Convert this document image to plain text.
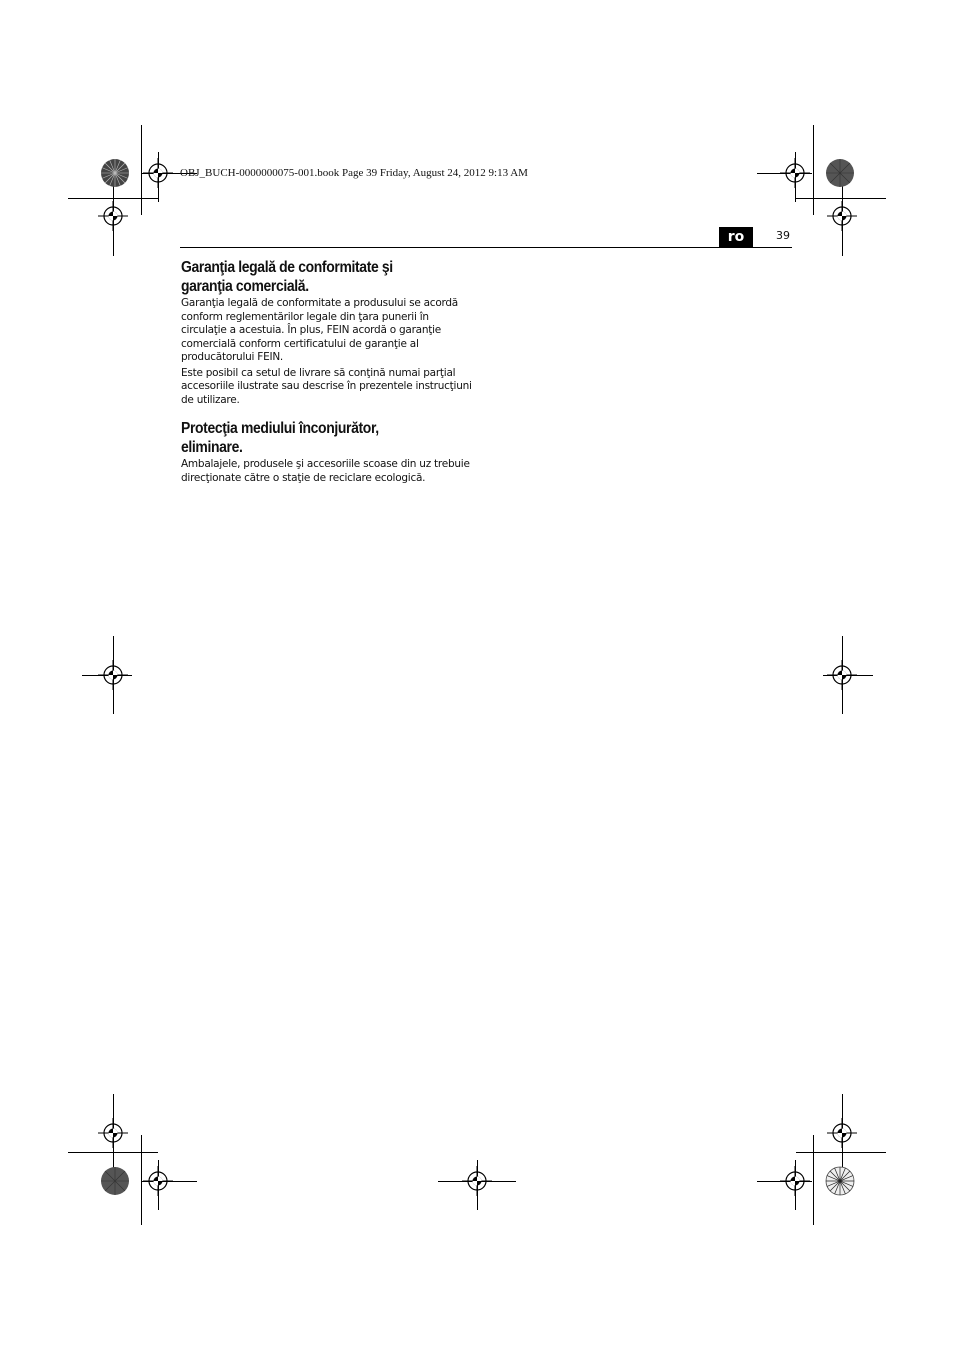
OBJ_BUCH-0000000075-001.book Page 39 Friday, August 24, 2012 9:13 AM
ro	39
Garanţia legală de conformitate şi
garanţia comercială.

Garanţia legală de conformitate a produsului se acordă
conform reglementărilor legale din ţara punerii în
circulaţie a acestuia. În plus, FEIN acordă o garanţie
comercială conform certificatului de garanţie al
producătorului FEIN.

Este posibil ca setul de livrare să conţină numai parţial
accesoriile ilustrate sau descrise în prezentele instrucţiuni
de utilizare.

Protecţia mediului înconjurător,
eliminare.

Ambalajele, produsele şi accesoriile scoase din uz trebuie
direcţionate către o staţie de reciclare ecologică.
